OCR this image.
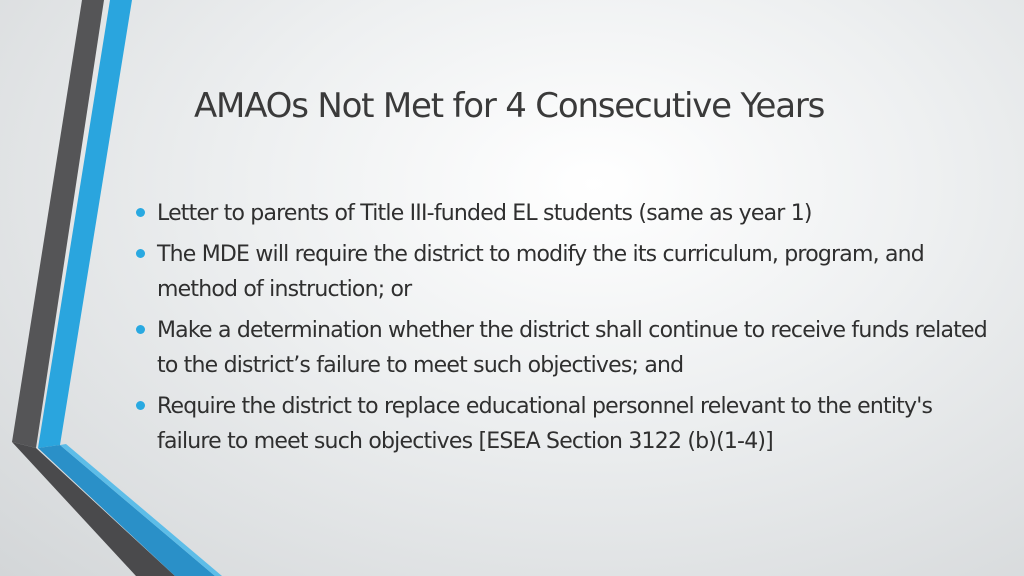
AMAOs Not Met for 4 Consecutive Years
Letter to parents of Title III-funded EL students (same as year 1)
The MDE will require the district to modify the its curriculum, program, and method of instruction; or
Make a determination whether the district shall continue to receive funds related to the district’s failure to meet such objectives; and
Require the district to replace educational personnel relevant to the entity's failure to meet such objectives [ESEA Section 3122 (b)(1-4)]
